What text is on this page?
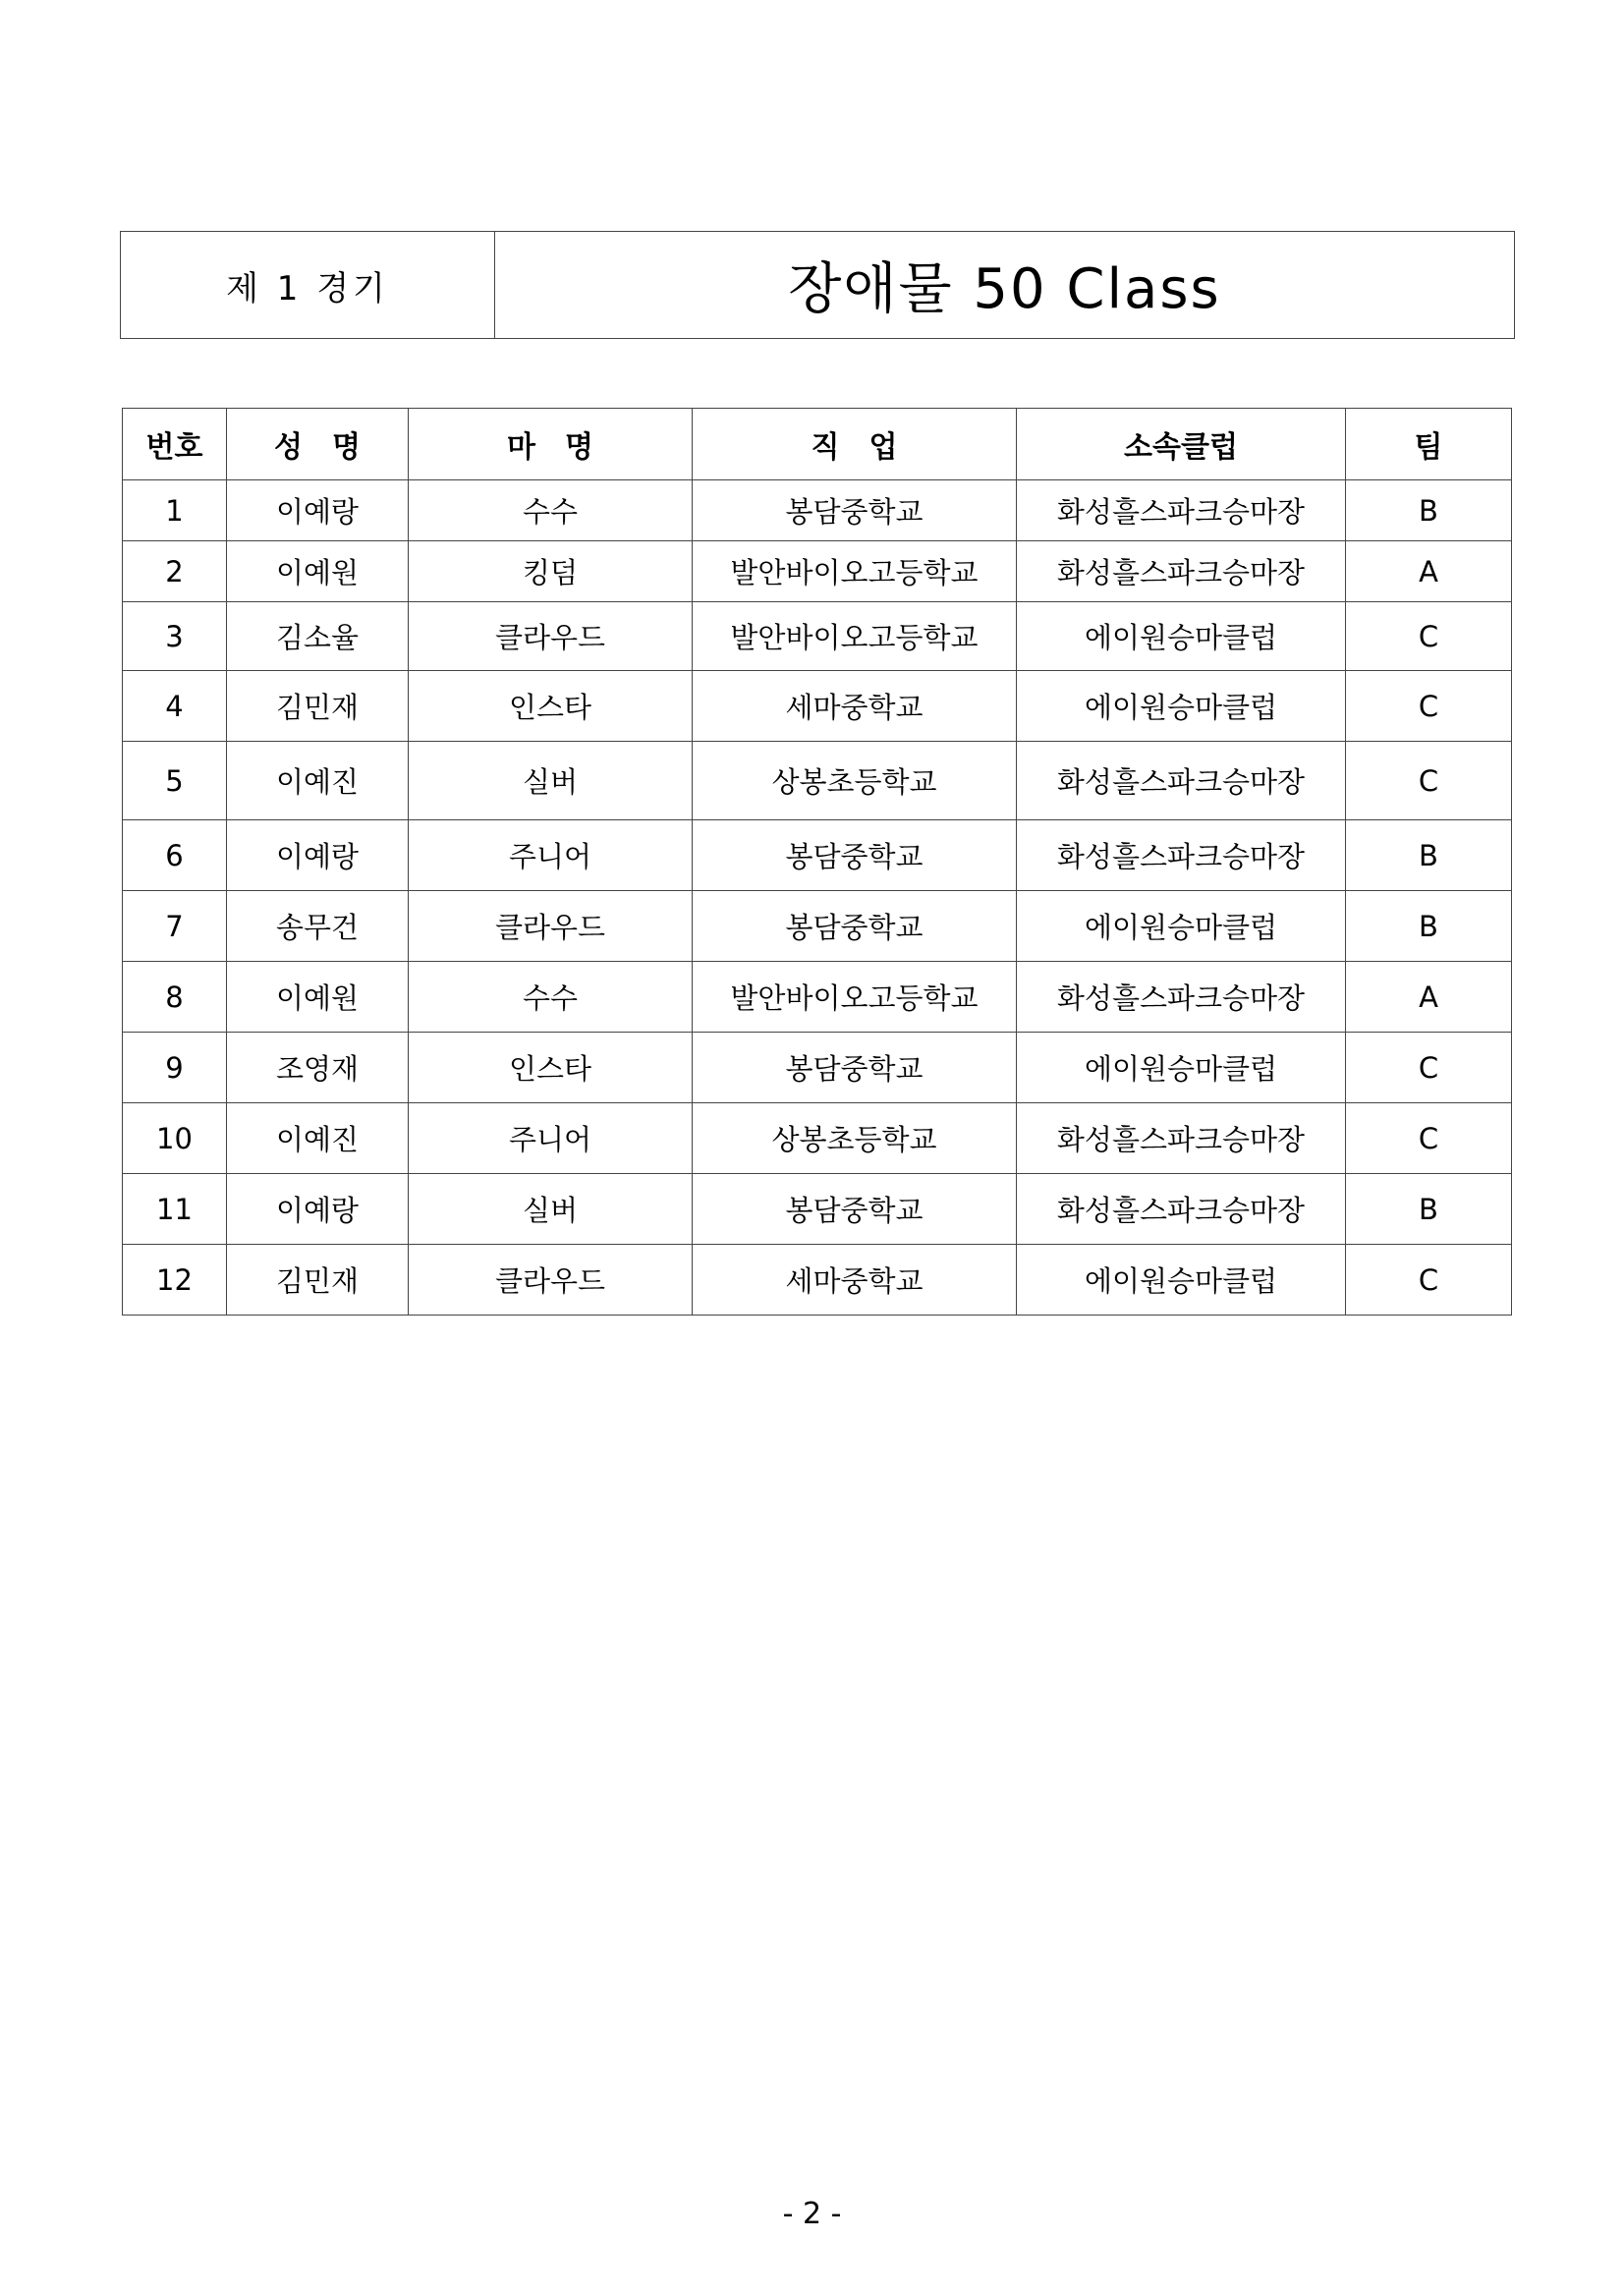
제 1 경기	장애물 50 Class
번호	성　명	마　명	직　업	소속클럽	팀
1	이예랑	수수	봉담중학교	화성흘스파크승마장	B
2	이예원	킹덤	발안바이오고등학교	화성흘스파크승마장	A
3	김소율	클라우드	발안바이오고등학교	에이원승마클럽	C
4	김민재	인스타	세마중학교	에이원승마클럽	C
5	이예진	실버	상봉초등학교	화성흘스파크승마장	C
6	이예랑	주니어	봉담중학교	화성흘스파크승마장	B
7	송무건	클라우드	봉담중학교	에이원승마클럽	B
8	이예원	수수	발안바이오고등학교	화성흘스파크승마장	A
9	조영재	인스타	봉담중학교	에이원승마클럽	C
10	이예진	주니어	상봉초등학교	화성흘스파크승마장	C
11	이예랑	실버	봉담중학교	화성흘스파크승마장	B
12	김민재	클라우드	세마중학교	에이원승마클럽	C
- 2 -
